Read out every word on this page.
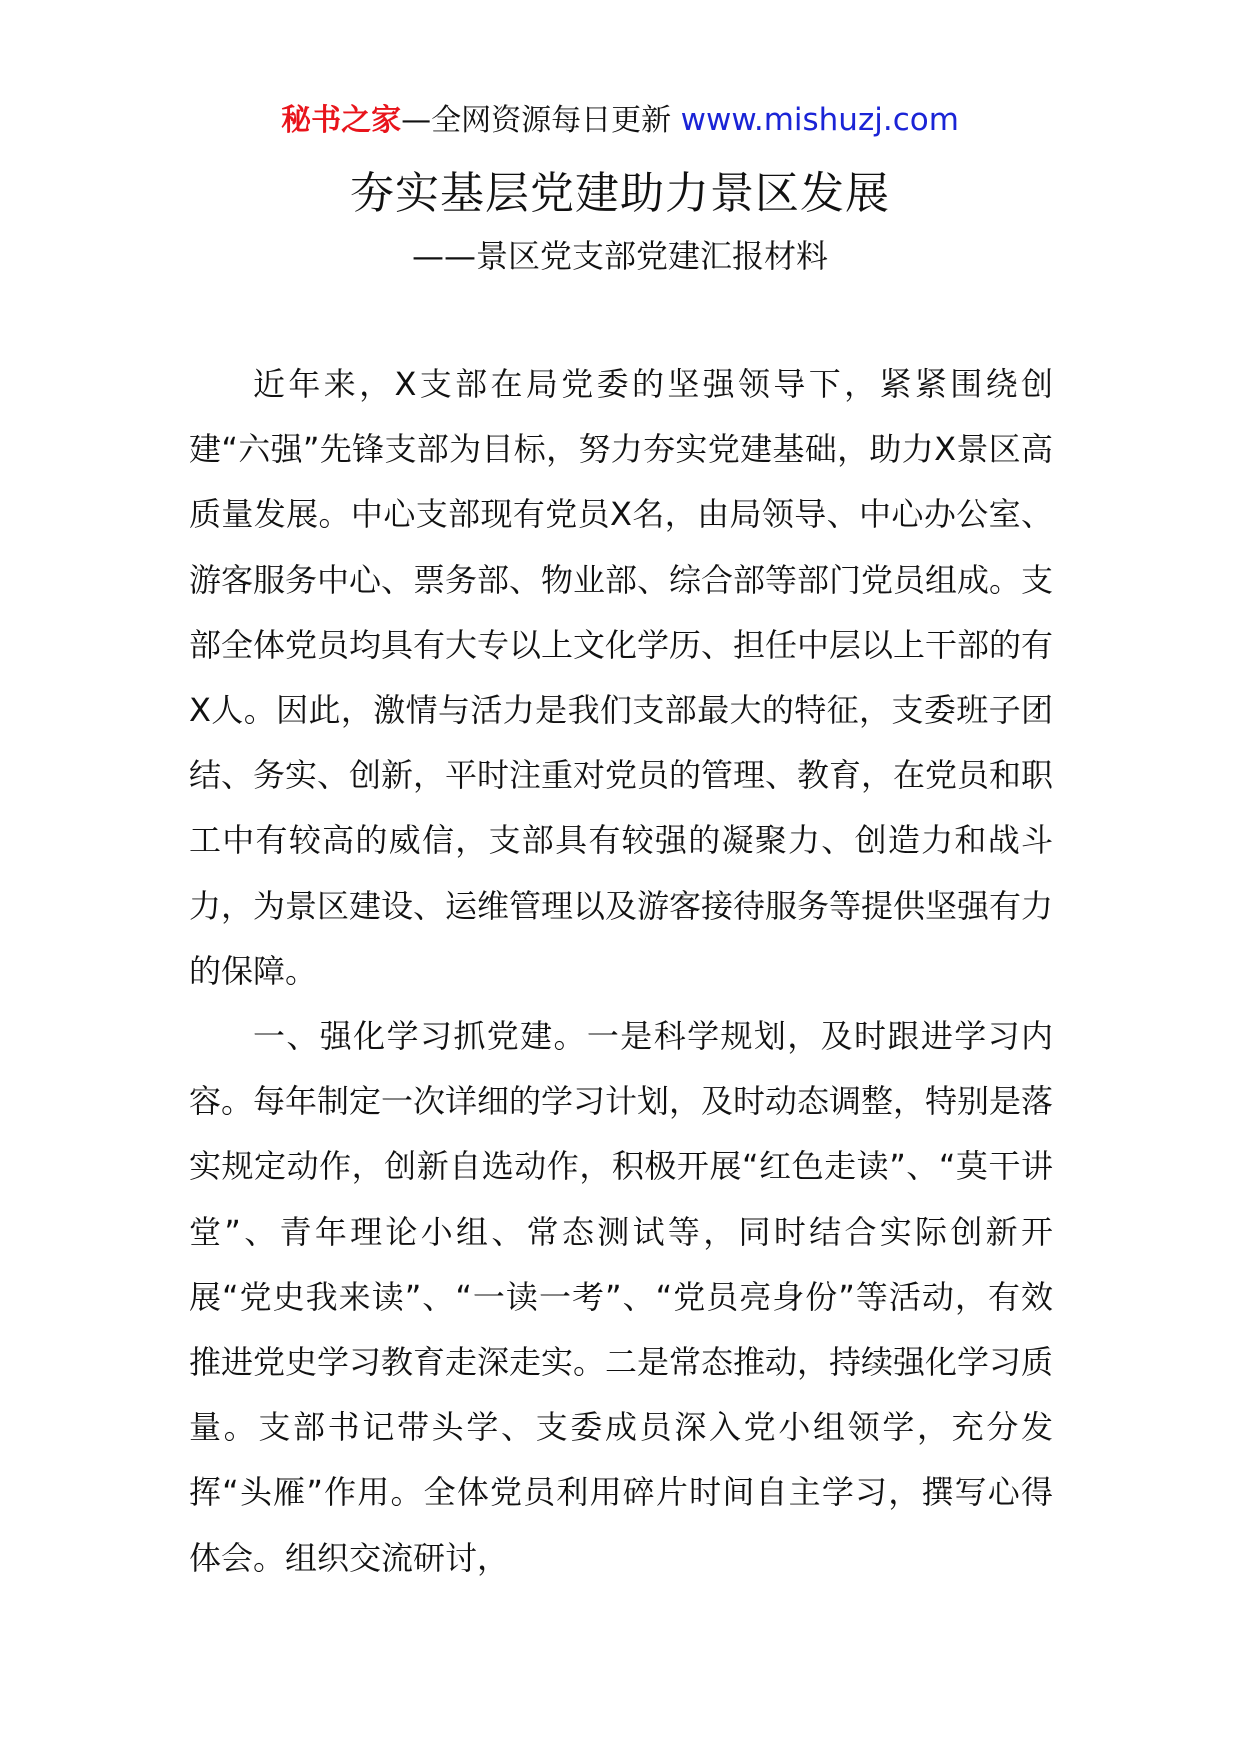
秘书之家—全网资源每日更新 www.mishuzj.com
夯实基层党建助力景区发展
——景区党支部党建汇报材料

近年来，X支部在局党委的坚强领导下，紧紧围绕创建“六强”先锋支部为目标，努力夯实党建基础，助力X景区高质量发展。中心支部现有党员X名，由局领导、中心办公室、游客服务中心、票务部、物业部、综合部等部门党员组成。支部全体党员均具有大专以上文化学历、担任中层以上干部的有X人。因此，激情与活力是我们支部最大的特征，支委班子团结、务实、创新，平时注重对党员的管理、教育，在党员和职工中有较高的威信，支部具有较强的凝聚力、创造力和战斗力，为景区建设、运维管理以及游客接待服务等提供坚强有力的保障。

一、强化学习抓党建。一是科学规划，及时跟进学习内容。每年制定一次详细的学习计划，及时动态调整，特别是落实规定动作，创新自选动作，积极开展“红色走读”、“莫干讲堂”、青年理论小组、常态测试等，同时结合实际创新开展“党史我来读”、“一读一考”、“党员亮身份”等活动，有效推进党史学习教育走深走实。二是常态推动，持续强化学习质量。支部书记带头学、支委成员深入党小组领学，充分发挥“头雁”作用。全体党员利用碎片时间自主学习，撰写心得体会。组织交流研讨，
